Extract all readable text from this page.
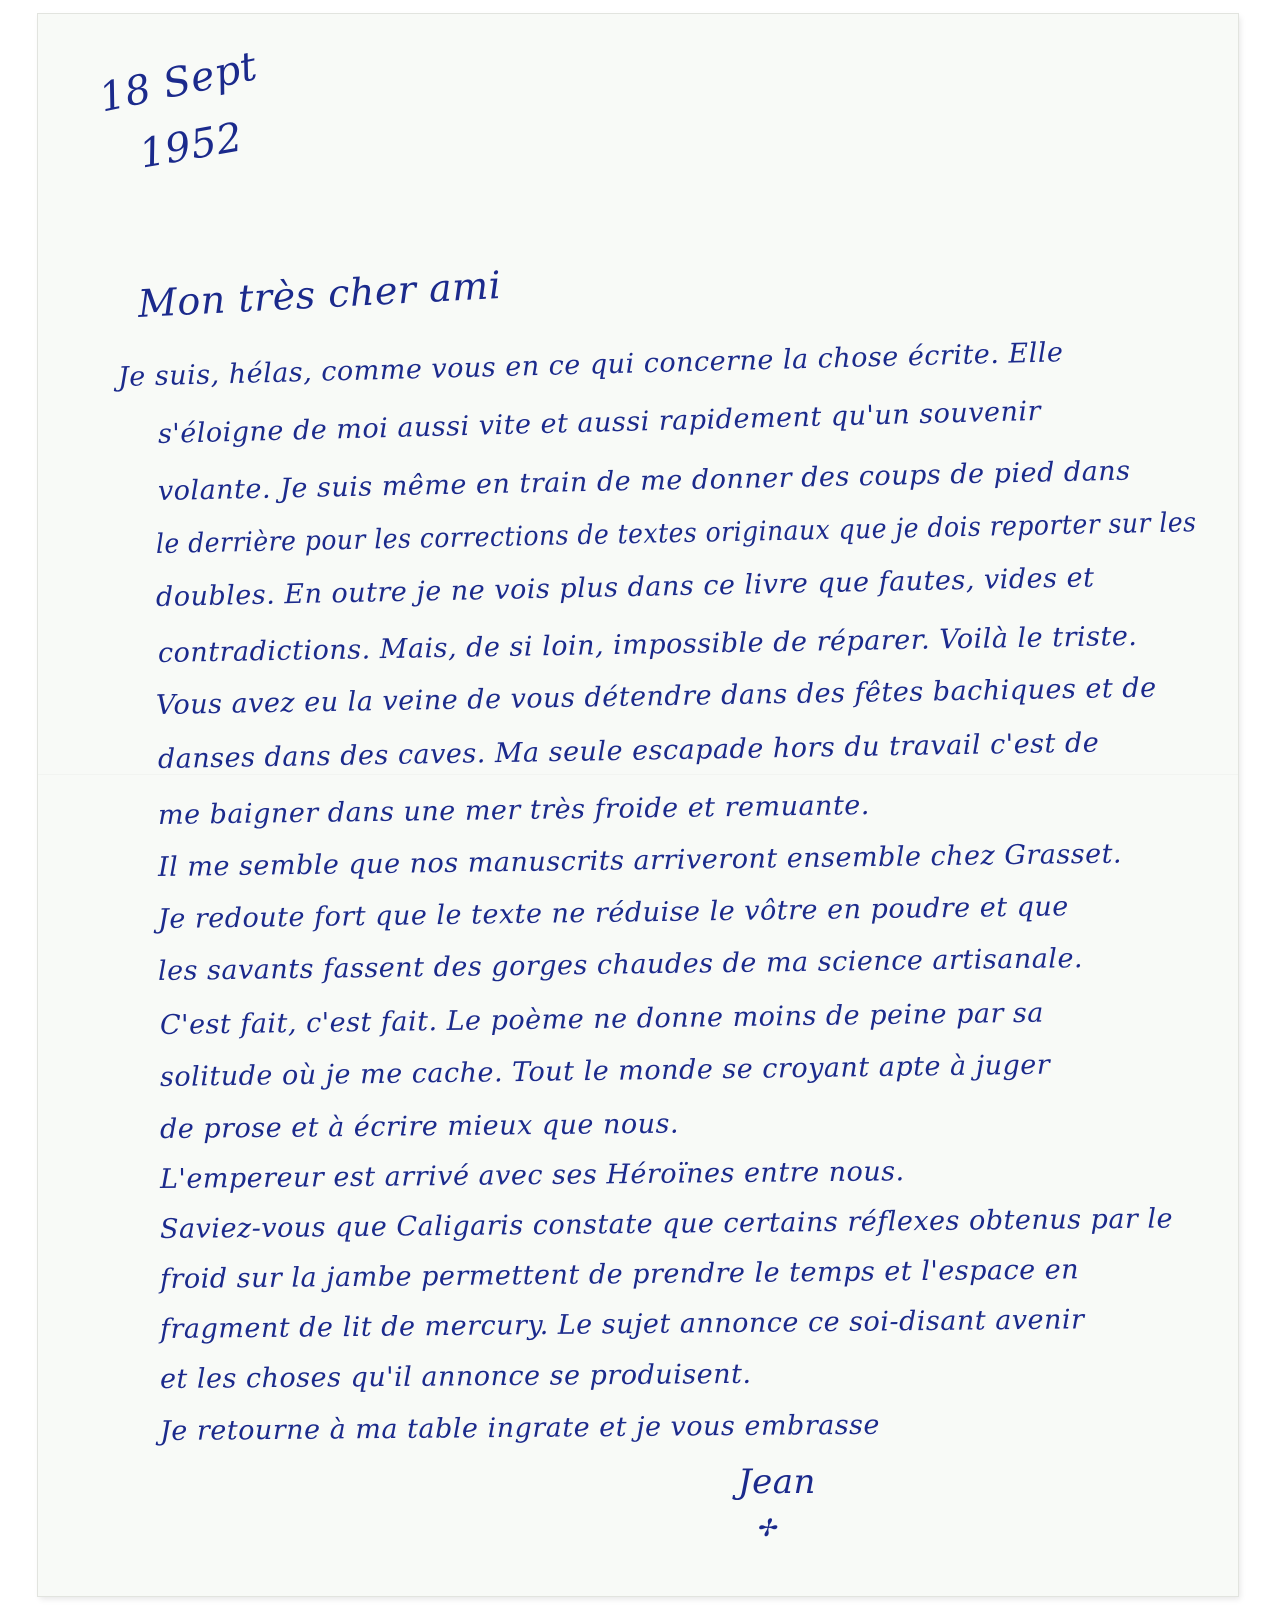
18 Sept
1952
Mon très cher ami
Je suis, hélas, comme vous en ce qui concerne la chose écrite. Elle
s'éloigne de moi aussi vite et aussi rapidement qu'un souvenir
volante. Je suis même en train de me donner des coups de pied dans
le derrière pour les corrections de textes originaux que je dois reporter sur les
doubles. En outre je ne vois plus dans ce livre que fautes, vides et
contradictions. Mais, de si loin, impossible de réparer. Voilà le triste.
Vous avez eu la veine de vous détendre dans des fêtes bachiques et de
danses dans des caves. Ma seule escapade hors du travail c'est de
me baigner dans une mer très froide et remuante.
Il me semble que nos manuscrits arriveront ensemble chez Grasset.
Je redoute fort que le texte ne réduise le vôtre en poudre et que
les savants fassent des gorges chaudes de ma science artisanale.
C'est fait, c'est fait. Le poème ne donne moins de peine par sa
solitude où je me cache. Tout le monde se croyant apte à juger
de prose et à écrire mieux que nous.
L'empereur est arrivé avec ses Héroïnes entre nous.
Saviez-vous que Caligaris constate que certains réflexes obtenus par le
froid sur la jambe permettent de prendre le temps et l'espace en
fragment de lit de mercury. Le sujet annonce ce soi-disant avenir
et les choses qu'il annonce se produisent.
Je retourne à ma table ingrate et je vous embrasse
Jean
✢
